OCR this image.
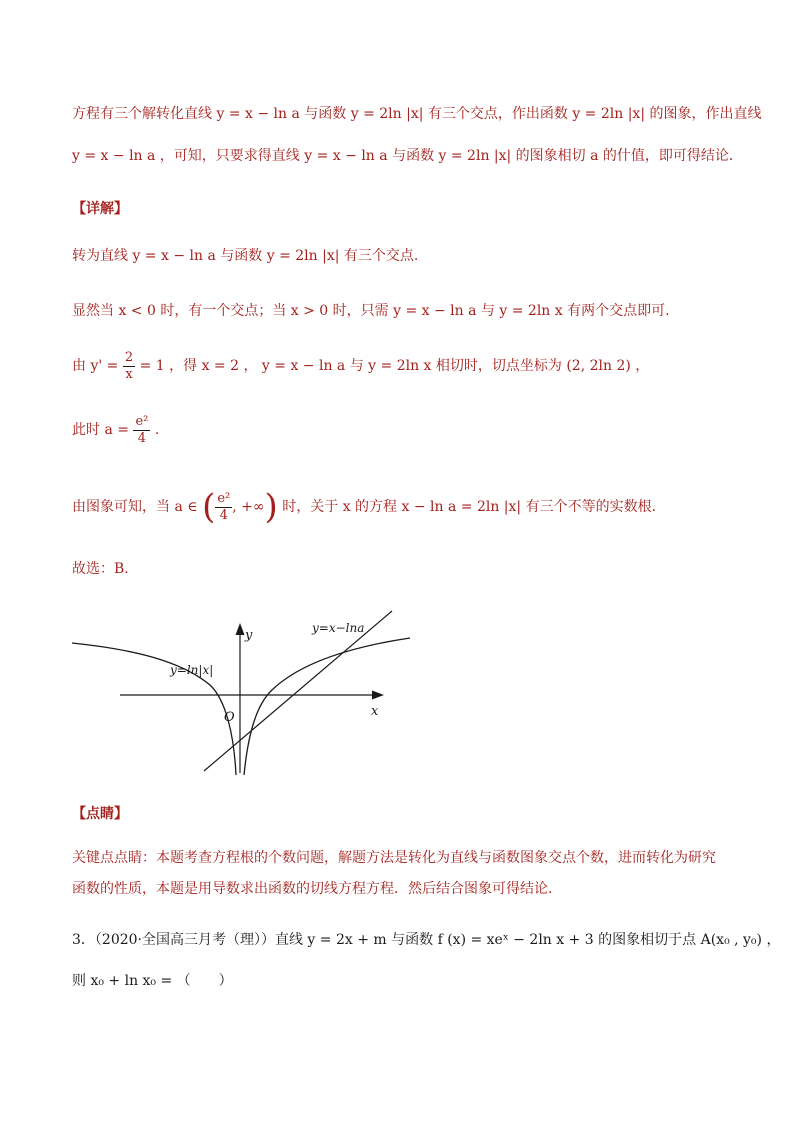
方程有三个解转化直线 y = x − ln a 与函数 y = 2ln |x| 有三个交点，作出函数 y = 2ln |x| 的图象，作出直线
y = x − ln a ，可知，只要求得直线 y = x − ln a 与函数 y = 2ln |x| 的图象相切 a 的什值，即可得结论．
【详解】
转为直线 y = x − ln a 与函数 y = 2ln |x| 有三个交点.
显然当 x < 0 时，有一个交点；当 x > 0 时，只需 y = x − ln a 与 y = 2ln x 有两个交点即可.
由 $y' = \frac{2}{x} = 1$ ，得 x = 2 ， y = x − ln a 与 y = 2ln x 相切时，切点坐标为 (2, 2ln 2) ，
此时 $a = \frac{\text{e²}}{4}$ .
由图象可知，当 a ∈ ( $\frac{\text{e²}}{4}$ , +∞) 时，关于 x 的方程 x − ln a = 2ln |x| 有三个不等的实数根．
故选：B．
y
x
O
y=ln|x|
y=x−lna
【点睛】
关键点点睛：本题考查方程根的个数问题，解题方法是转化为直线与函数图象交点个数，进而转化为研究
函数的性质，本题是用导数求出函数的切线方程方程．然后结合图象可得结论．
3．（2020·全国高三月考（理））直线 y = 2x + m 与函数 f (x) = xeˣ − 2ln x + 3 的图象相切于点 A(x₀ , y₀) ，
则 x₀ + ln x₀ = （　　）
